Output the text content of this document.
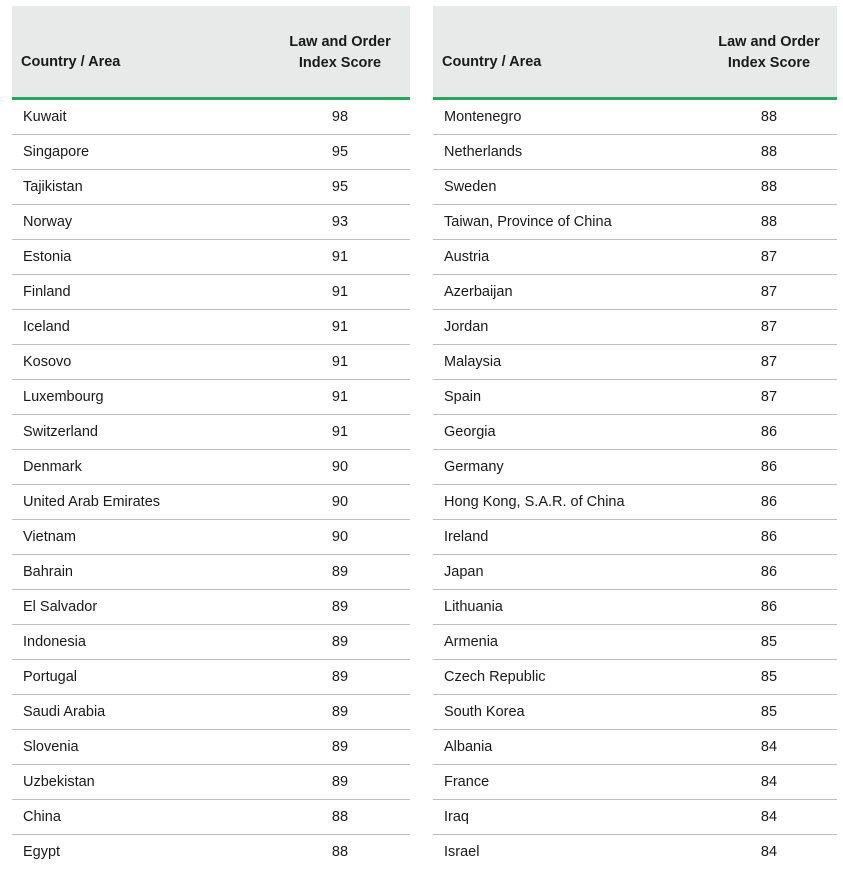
Country / Area	Law and Order
Index Score

Kuwait	98
Singapore	95
Tajikistan	95
Norway	93
Estonia	91
Finland	91
Iceland	91
Kosovo	91
Luxembourg	91
Switzerland	91
Denmark	90
United Arab Emirates	90
Vietnam	90
Bahrain	89
El Salvador	89
Indonesia	89
Portugal	89
Saudi Arabia	89
Slovenia	89
Uzbekistan	89
China	88
Egypt	88
Country / Area	Law and Order
Index Score

Montenegro	88
Netherlands	88
Sweden	88
Taiwan, Province of China	88
Austria	87
Azerbaijan	87
Jordan	87
Malaysia	87
Spain	87
Georgia	86
Germany	86
Hong Kong, S.A.R. of China	86
Ireland	86
Japan	86
Lithuania	86
Armenia	85
Czech Republic	85
South Korea	85
Albania	84
France	84
Iraq	84
Israel	84
